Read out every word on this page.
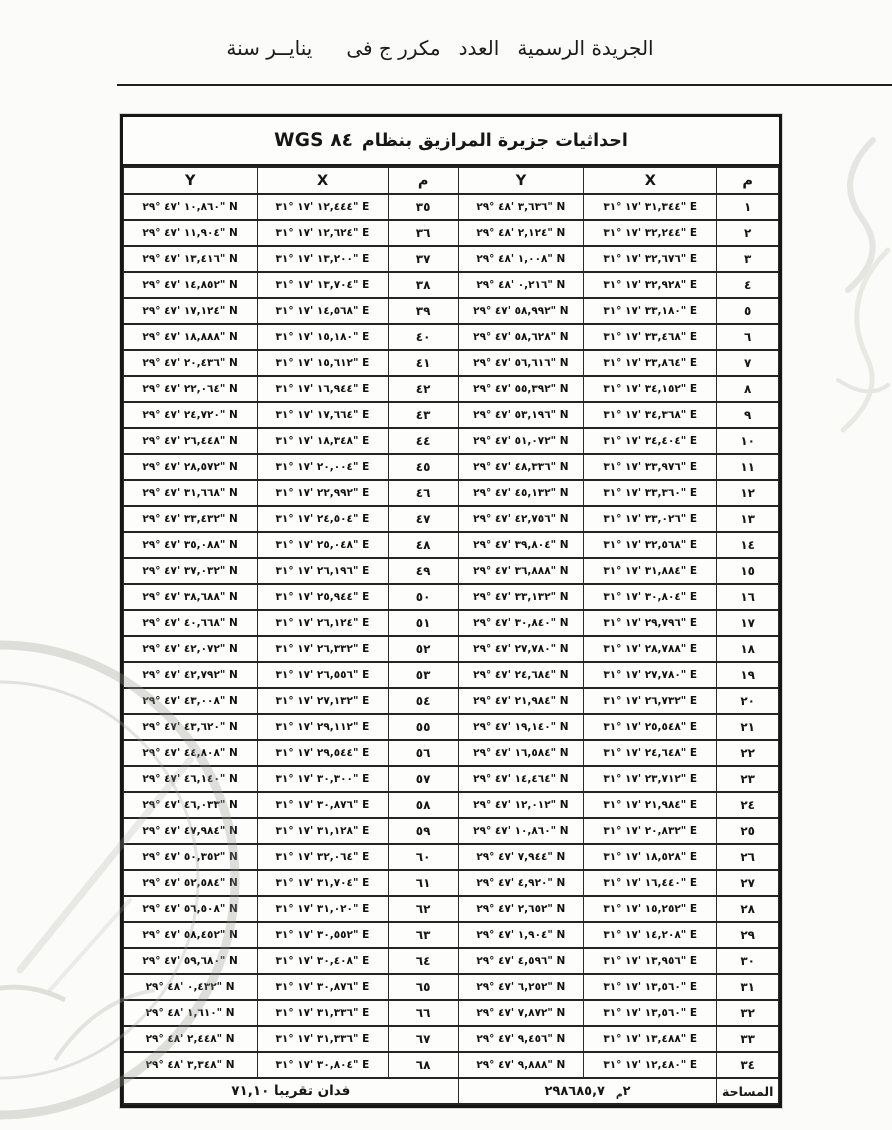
الجريدة الرسمية
العدد
مكرر ج فى
ينايــر سنة
احداثيات جزيرة المرازيق بنظام
WGS ٨٤
Y	X	م	Y	X	م
٢٩° ٤٧' ١٠,٨٦٠" N	٣١° ١٧' ١٢,٤٤٤" E	٣٥	٢٩° ٤٨' ٣,٦٣٦" N	٣١° ١٧' ٣١,٣٤٤" E	١
٢٩° ٤٧' ١١,٩٠٤" N	٣١° ١٧' ١٢,٦٢٤" E	٣٦	٢٩° ٤٨' ٢,١٢٤" N	٣١° ١٧' ٣٢,٢٤٤" E	٢
٢٩° ٤٧' ١٣,٤١٦" N	٣١° ١٧' ١٣,٢٠٠" E	٣٧	٢٩° ٤٨' ١,٠٠٨" N	٣١° ١٧' ٣٢,٦٧٦" E	٣
٢٩° ٤٧' ١٤,٨٥٢" N	٣١° ١٧' ١٣,٧٠٤" E	٣٨	٢٩° ٤٨' ٠,٢١٦" N	٣١° ١٧' ٣٢,٩٢٨" E	٤
٢٩° ٤٧' ١٧,١٢٤" N	٣١° ١٧' ١٤,٥٦٨" E	٣٩	٢٩° ٤٧' ٥٨,٩٩٢" N	٣١° ١٧' ٣٣,١٨٠" E	٥
٢٩° ٤٧' ١٨,٨٨٨" N	٣١° ١٧' ١٥,١٨٠" E	٤٠	٢٩° ٤٧' ٥٨,٦٢٨" N	٣١° ١٧' ٣٣,٤٦٨" E	٦
٢٩° ٤٧' ٢٠,٤٣٦" N	٣١° ١٧' ١٥,٦١٢" E	٤١	٢٩° ٤٧' ٥٦,٦١٦" N	٣١° ١٧' ٣٣,٨٦٤" E	٧
٢٩° ٤٧' ٢٢,٠٦٤" N	٣١° ١٧' ١٦,٩٤٤" E	٤٢	٢٩° ٤٧' ٥٥,٣٩٢" N	٣١° ١٧' ٣٤,١٥٢" E	٨
٢٩° ٤٧' ٢٤,٧٢٠" N	٣١° ١٧' ١٧,٦٦٤" E	٤٣	٢٩° ٤٧' ٥٣,١٩٦" N	٣١° ١٧' ٣٤,٣٦٨" E	٩
٢٩° ٤٧' ٢٦,٤٤٨" N	٣١° ١٧' ١٨,٣٤٨" E	٤٤	٢٩° ٤٧' ٥١,٠٧٢" N	٣١° ١٧' ٣٤,٤٠٤" E	١٠
٢٩° ٤٧' ٢٨,٥٧٢" N	٣١° ١٧' ٢٠,٠٠٤" E	٤٥	٢٩° ٤٧' ٤٨,٣٣٦" N	٣١° ١٧' ٣٣,٩٧٦" E	١١
٢٩° ٤٧' ٣١,٦٦٨" N	٣١° ١٧' ٢٢,٩٩٢" E	٤٦	٢٩° ٤٧' ٤٥,١٣٢" N	٣١° ١٧' ٣٣,٣٦٠" E	١٢
٢٩° ٤٧' ٣٣,٤٣٢" N	٣١° ١٧' ٢٤,٥٠٤" E	٤٧	٢٩° ٤٧' ٤٢,٧٥٦" N	٣١° ١٧' ٣٣,٠٢٦" E	١٣
٢٩° ٤٧' ٣٥,٠٨٨" N	٣١° ١٧' ٢٥,٠٤٨" E	٤٨	٢٩° ٤٧' ٣٩,٨٠٤" N	٣١° ١٧' ٣٢,٥٦٨" E	١٤
٢٩° ٤٧' ٣٧,٠٣٢" N	٣١° ١٧' ٢٦,١٩٦" E	٤٩	٢٩° ٤٧' ٣٦,٨٨٨" N	٣١° ١٧' ٣١,٨٨٤" E	١٥
٢٩° ٤٧' ٣٨,٦٨٨" N	٣١° ١٧' ٢٥,٩٤٤" E	٥٠	٢٩° ٤٧' ٣٣,١٣٢" N	٣١° ١٧' ٣٠,٨٠٤" E	١٦
٢٩° ٤٧' ٤٠,٦٦٨" N	٣١° ١٧' ٢٦,١٢٤" E	٥١	٢٩° ٤٧' ٣٠,٨٤٠" N	٣١° ١٧' ٢٩,٧٩٦" E	١٧
٢٩° ٤٧' ٤٢,٠٧٢" N	٣١° ١٧' ٢٦,٣٣٢" E	٥٢	٢٩° ٤٧' ٢٧,٧٨٠" N	٣١° ١٧' ٢٨,٧٨٨" E	١٨
٢٩° ٤٧' ٤٢,٧٩٢" N	٣١° ١٧' ٢٦,٥٥٦" E	٥٣	٢٩° ٤٧' ٢٤,٦٨٤" N	٣١° ١٧' ٢٧,٧٨٠" E	١٩
٢٩° ٤٧' ٤٣,٠٠٨" N	٣١° ١٧' ٢٧,١٣٢" E	٥٤	٢٩° ٤٧' ٢١,٩٨٤" N	٣١° ١٧' ٢٦,٧٣٢" E	٢٠
٢٩° ٤٧' ٤٣,٦٢٠" N	٣١° ١٧' ٢٩,١١٢" E	٥٥	٢٩° ٤٧' ١٩,١٤٠" N	٣١° ١٧' ٢٥,٥٤٨" E	٢١
٢٩° ٤٧' ٤٤,٨٠٨" N	٣١° ١٧' ٢٩,٥٤٤" E	٥٦	٢٩° ٤٧' ١٦,٥٨٤" N	٣١° ١٧' ٢٤,٦٤٨" E	٢٢
٢٩° ٤٧' ٤٦,١٤٠" N	٣١° ١٧' ٣٠,٣٠٠" E	٥٧	٢٩° ٤٧' ١٤,٤٦٤" N	٣١° ١٧' ٢٣,٧١٢" E	٢٣
٢٩° ٤٧' ٤٦,٠٣٣" N	٣١° ١٧' ٣٠,٨٧٦" E	٥٨	٢٩° ٤٧' ١٢,٠١٢" N	٣١° ١٧' ٢١,٩٨٤" E	٢٤
٢٩° ٤٧' ٤٧,٩٨٤" N	٣١° ١٧' ٣١,١٢٨" E	٥٩	٢٩° ٤٧' ١٠,٨٦٠" N	٣١° ١٧' ٢٠,٨٣٢" E	٢٥
٢٩° ٤٧' ٥٠,٣٥٢" N	٣١° ١٧' ٣٢,٠٦٤" E	٦٠	٢٩° ٤٧' ٧,٩٤٤" N	٣١° ١٧' ١٨,٥٢٨" E	٢٦
٢٩° ٤٧' ٥٢,٥٨٤" N	٣١° ١٧' ٣١,٧٠٤" E	٦١	٢٩° ٤٧' ٤,٩٢٠" N	٣١° ١٧' ١٦,٤٤٠" E	٢٧
٢٩° ٤٧' ٥٦,٥٠٨" N	٣١° ١٧' ٣١,٠٢٠" E	٦٢	٢٩° ٤٧' ٢,٦٥٢" N	٣١° ١٧' ١٥,٢٥٢" E	٢٨
٢٩° ٤٧' ٥٨,٤٥٢" N	٣١° ١٧' ٣٠,٥٥٢" E	٦٣	٢٩° ٤٧' ١,٩٠٤" N	٣١° ١٧' ١٤,٢٠٨" E	٢٩
٢٩° ٤٧' ٥٩,٦٨٠" N	٣١° ١٧' ٣٠,٤٠٨" E	٦٤	٢٩° ٤٧' ٤,٥٩٦" N	٣١° ١٧' ١٣,٩٥٦" E	٣٠
٢٩° ٤٨' ٠,٤٣٢" N	٣١° ١٧' ٣٠,٨٧٦" E	٦٥	٢٩° ٤٧' ٦,٢٥٢" N	٣١° ١٧' ١٣,٥٦٠" E	٣١
٢٩° ٤٨' ١,٦١٠" N	٣١° ١٧' ٣١,٣٣٦" E	٦٦	٢٩° ٤٧' ٧,٨٧٢" N	٣١° ١٧' ١٣,٥٦٠" E	٣٢
٢٩° ٤٨' ٢,٤٤٨" N	٣١° ١٧' ٣١,٣٣٦" E	٦٧	٢٩° ٤٧' ٩,٤٥٦" N	٣١° ١٧' ١٣,٤٨٨" E	٣٣
٢٩° ٤٨' ٣,٣٤٨" N	٣١° ١٧' ٣٠,٨٠٤" E	٦٨	٢٩° ٤٧' ٩,٨٨٨" N	٣١° ١٧' ١٢,٤٨٠" E	٣٤
فدان تقريبا ٧١,١٠			٢٩٨٦٨٥,٧ ٢م		المساحة
